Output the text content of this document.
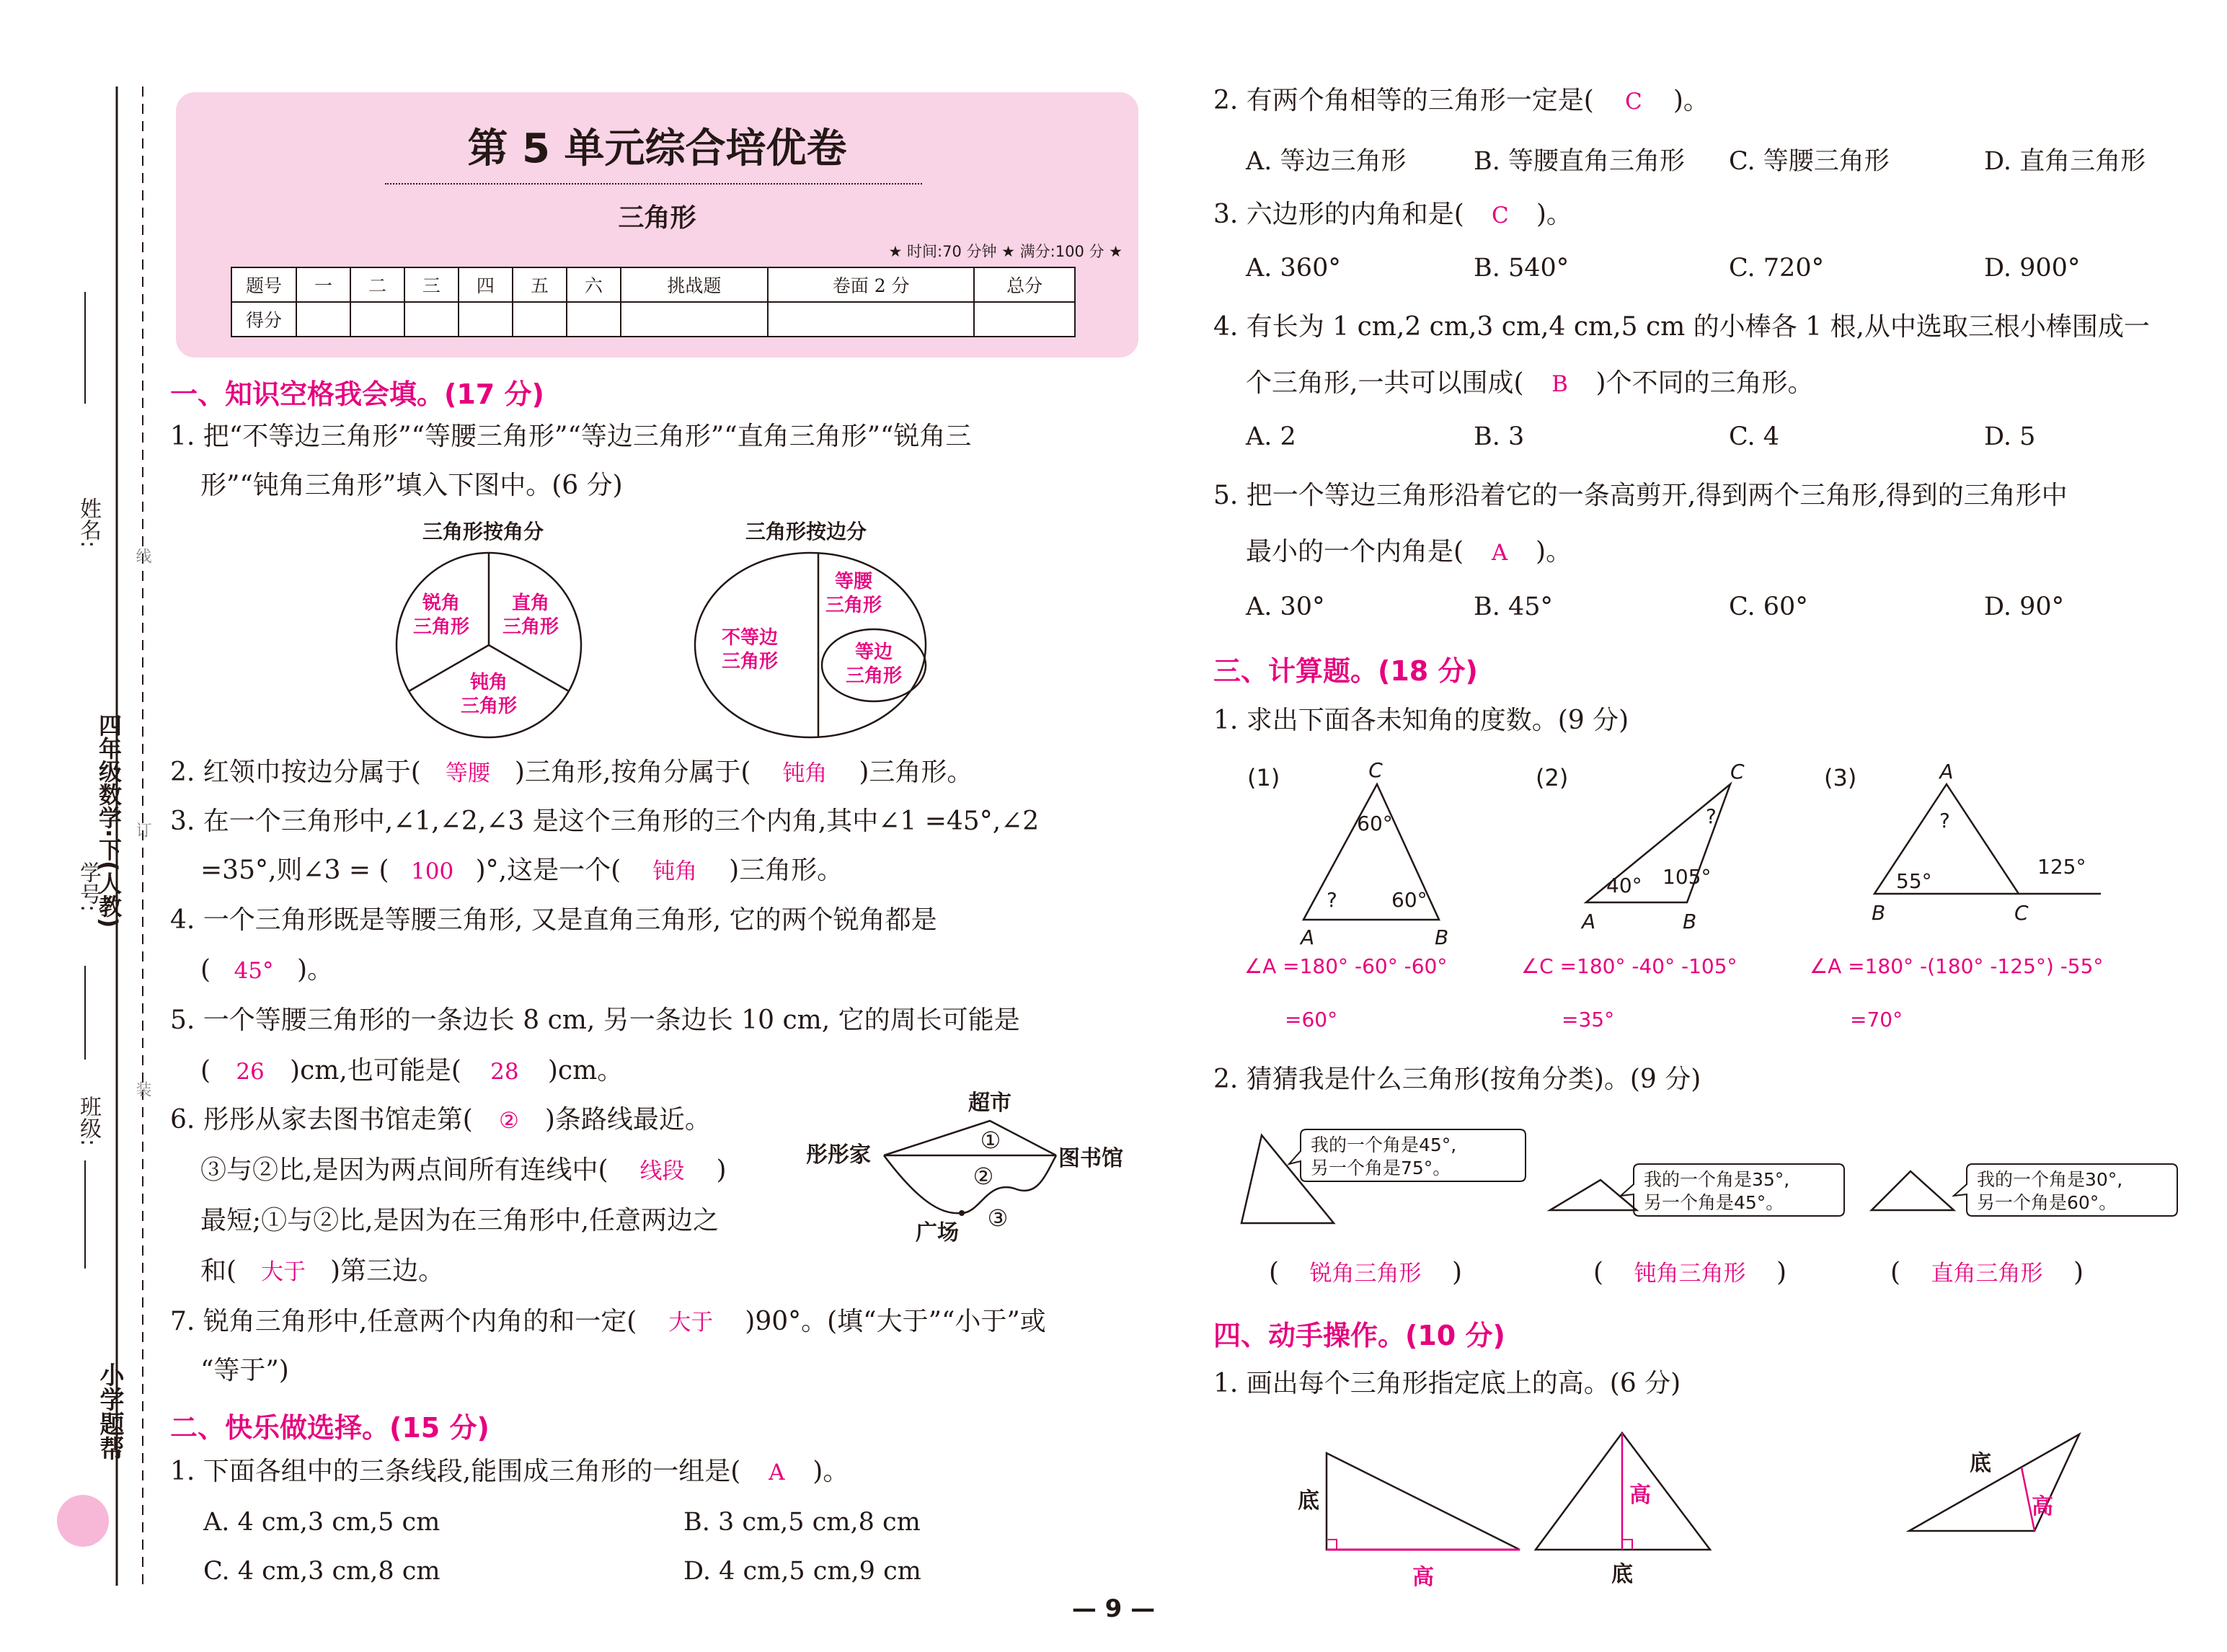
姓名:
学号:
班级:
四年级数学·下(人教)
小学题帮
装
订
线
第 5 单元综合培优卷
三角形
★ 时间:70 分钟 ★ 满分:100 分 ★
题号	一	二	三	四	五	六	挑战题	卷面 2 分	总分
得分									
一、知识空格我会填。(17 分)
1. 把“不等边三角形”“等腰三角形”“等边三角形”“直角三角形”“锐角三
形”“钝角三角形”填入下图中。(6 分)
三角形按角分
锐角
三角形
直角
三角形
钝角
三角形
三角形按边分
不等边
三角形
等腰
三角形
等边
三角形
2. 红领巾按边分属于( 等腰 )三角形,按角分属于( 钝角 )三角形。
3. 在一个三角形中,∠1,∠2,∠3 是这个三角形的三个内角,其中∠1 =45°,∠2
=35°,则∠3 = ( 100 )°,这是一个( 钝角 )三角形。
4. 一个三角形既是等腰三角形, 又是直角三角形, 它的两个锐角都是
( 45° )。
5. 一个等腰三角形的一条边长 8 cm, 另一条边长 10 cm, 它的周长可能是
( 26 )cm,也可能是( 28 )cm。
6. 彤彤从家去图书馆走第( ② )条路线最近。
③与②比,是因为两点间所有连线中( 线段 )
最短;①与②比,是因为在三角形中,任意两边之
和( 大于 )第三边。
超市
彤彤家	图书馆
广场
①
②
③
7. 锐角三角形中,任意两个内角的和一定( 大于 )90°。(填“大于”“小于”或
“等于”)
二、快乐做选择。(15 分)
1. 下面各组中的三条线段,能围成三角形的一组是( A )。
A. 4 cm,3 cm,5 cm	B. 3 cm,5 cm,8 cm
C. 4 cm,3 cm,8 cm	D. 4 cm,5 cm,9 cm
2. 有两个角相等的三角形一定是( C )。
A. 等边三角形	B. 等腰直角三角形 C. 等腰三角形	D. 直角三角形
3. 六边形的内角和是( C )。
A. 360°	B. 540°	C. 720°	D. 900°
4. 有长为 1 cm,2 cm,3 cm,4 cm,5 cm 的小棒各 1 根,从中选取三根小棒围成一
个三角形,一共可以围成( B )个不同的三角形。
A. 2	B. 3	C. 4	D. 5
5. 把一个等边三角形沿着它的一条高剪开,得到两个三角形,得到的三角形中
最小的一个内角是( A )。
A. 30°	B. 45°	C. 60°	D. 90°
三、计算题。(18 分)
1. 求出下面各未知角的度数。(9 分)
(1)	C
A	B
60°
?	60°
(2)	C
A	B
?
40° 105°
(3)	A
B	C
?
55°
125°
∠A =180° -60° -60°
=60°
∠C =180° -40° -105°
=35°
∠A =180° -(180° -125°) -55°
=70°
2. 猜猜我是什么三角形(按角分类)。(9 分)
我的一个角是45°,
另一个角是75°。
我的一个角是35°,
另一个角是45°。
我的一个角是30°,
另一个角是60°。
( 锐角三角形 )	( 钝角三角形 )	( 直角三角形 )
四、动手操作。(10 分)
1. 画出每个三角形指定底上的高。(6 分)
底
高
高
底
底
高
— 9 —
